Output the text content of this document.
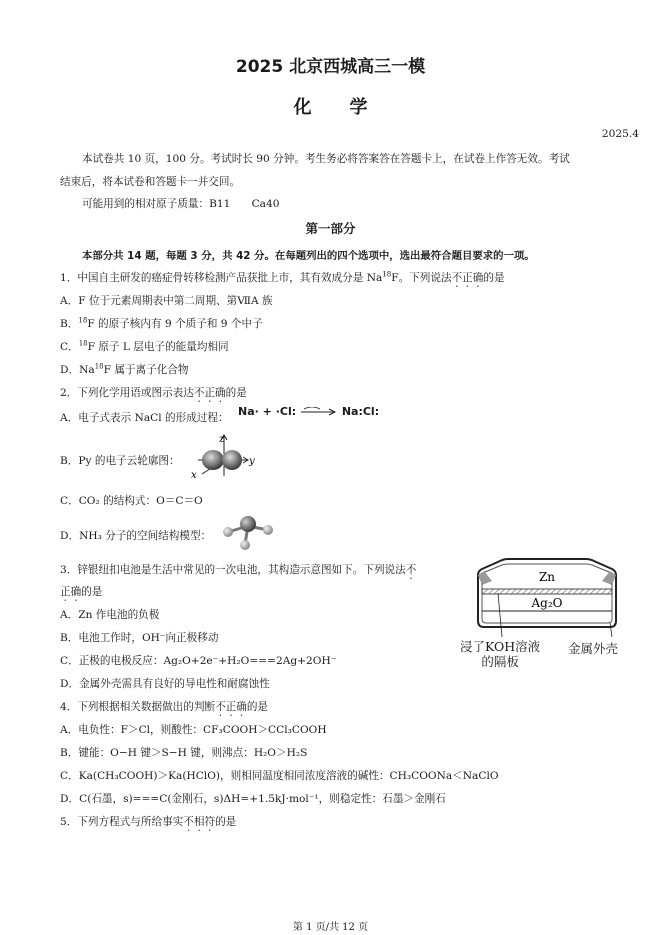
2025 北京西城高三一模
化学
2025.4
本试卷共 10 页，100 分。考试时长 90 分钟。考生务必将答案答在答题卡上，在试卷上作答无效。考试
结束后，将本试卷和答题卡一并交回。
可能用到的相对原子质量：B11　　Ca40
第一部分
本部分共 14 题，每题 3 分，共 42 分。在每题列出的四个选项中，选出最符合题目要求的一项。
1．中国自主研发的癌症骨转移检测产品获批上市，其有效成分是 Na$^{18}$F。下列说法不正确的是
A．F 位于元素周期表中第二周期、第ⅦA 族
B．$^{18}$F 的原子核内有 9 个质子和 9 个中子
C．$^{18}$F 原子 L 层电子的能量均相同
D．Na$^{18}$F 属于离子化合物
2．下列化学用语或图示表达不正确的是
A．电子式表示 NaCl 的形成过程： Na· + ·Cl:	Na:Cl:
B．Py 的电子云轮廓图：
z
y
x
C．CO₂ 的结构式：O＝C＝O
D．NH₃ 分子的空间结构模型：
3．锌银纽扣电池是生活中常见的一次电池，其构造示意图如下。下列说法不
正确的是
A．Zn 作电池的负极
B．电池工作时，OH⁻向正极移动
C．正极的电极反应：Ag₂O+2e⁻+H₂O===2Ag+2OH⁻
D．金属外壳需具有良好的导电性和耐腐蚀性
Zn
Ag₂O
浸了KOH溶液
的隔板
金属外壳
4．下列根据相关数据做出的判断不正确的是
A．电负性：F＞Cl，则酸性：CF₃COOH＞CCl₃COOH
B．键能：O−H 键＞S−H 键，则沸点：H₂O＞H₂S
C．Ka(CH₃COOH)＞Ka(HClO)，则相同温度相同浓度溶液的碱性：CH₃COONa＜NaClO
D．C(石墨，s)===C(金刚石，s)ΔH=+1.5kJ·mol⁻¹，则稳定性：石墨＞金刚石
5．下列方程式与所给事实不相符的是
第 1 页/共 12 页
